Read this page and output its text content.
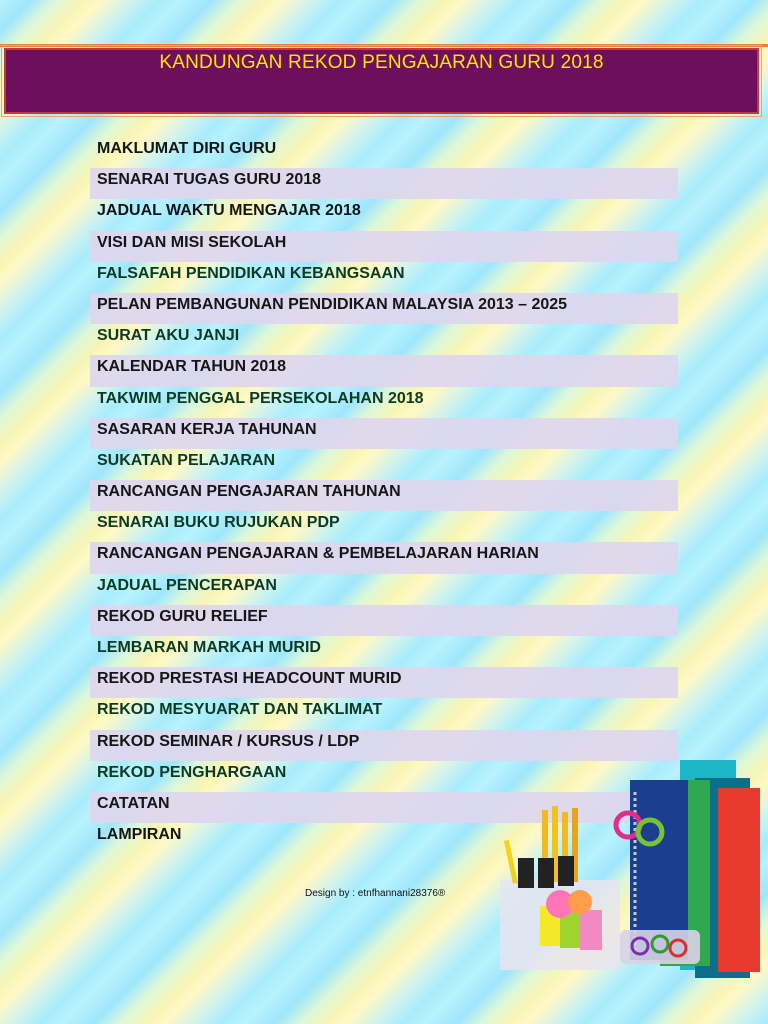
KANDUNGAN REKOD PENGAJARAN GURU 2018
MAKLUMAT DIRI GURU
SENARAI TUGAS GURU 2018
JADUAL WAKTU MENGAJAR 2018
VISI DAN MISI SEKOLAH
FALSAFAH PENDIDIKAN KEBANGSAAN
PELAN PEMBANGUNAN PENDIDIKAN MALAYSIA 2013 – 2025
SURAT AKU JANJI
KALENDAR TAHUN 2018
TAKWIM PENGGAL PERSEKOLAHAN 2018
SASARAN KERJA TAHUNAN
SUKATAN PELAJARAN
RANCANGAN PENGAJARAN TAHUNAN
SENARAI BUKU RUJUKAN PDP
RANCANGAN PENGAJARAN & PEMBELAJARAN HARIAN
JADUAL PENCERAPAN
REKOD GURU RELIEF
LEMBARAN MARKAH MURID
REKOD PRESTASI HEADCOUNT MURID
REKOD MESYUARAT DAN TAKLIMAT
REKOD SEMINAR / KURSUS / LDP
REKOD PENGHARGAAN
CATATAN
LAMPIRAN
Design by : etnfhannani28376®
